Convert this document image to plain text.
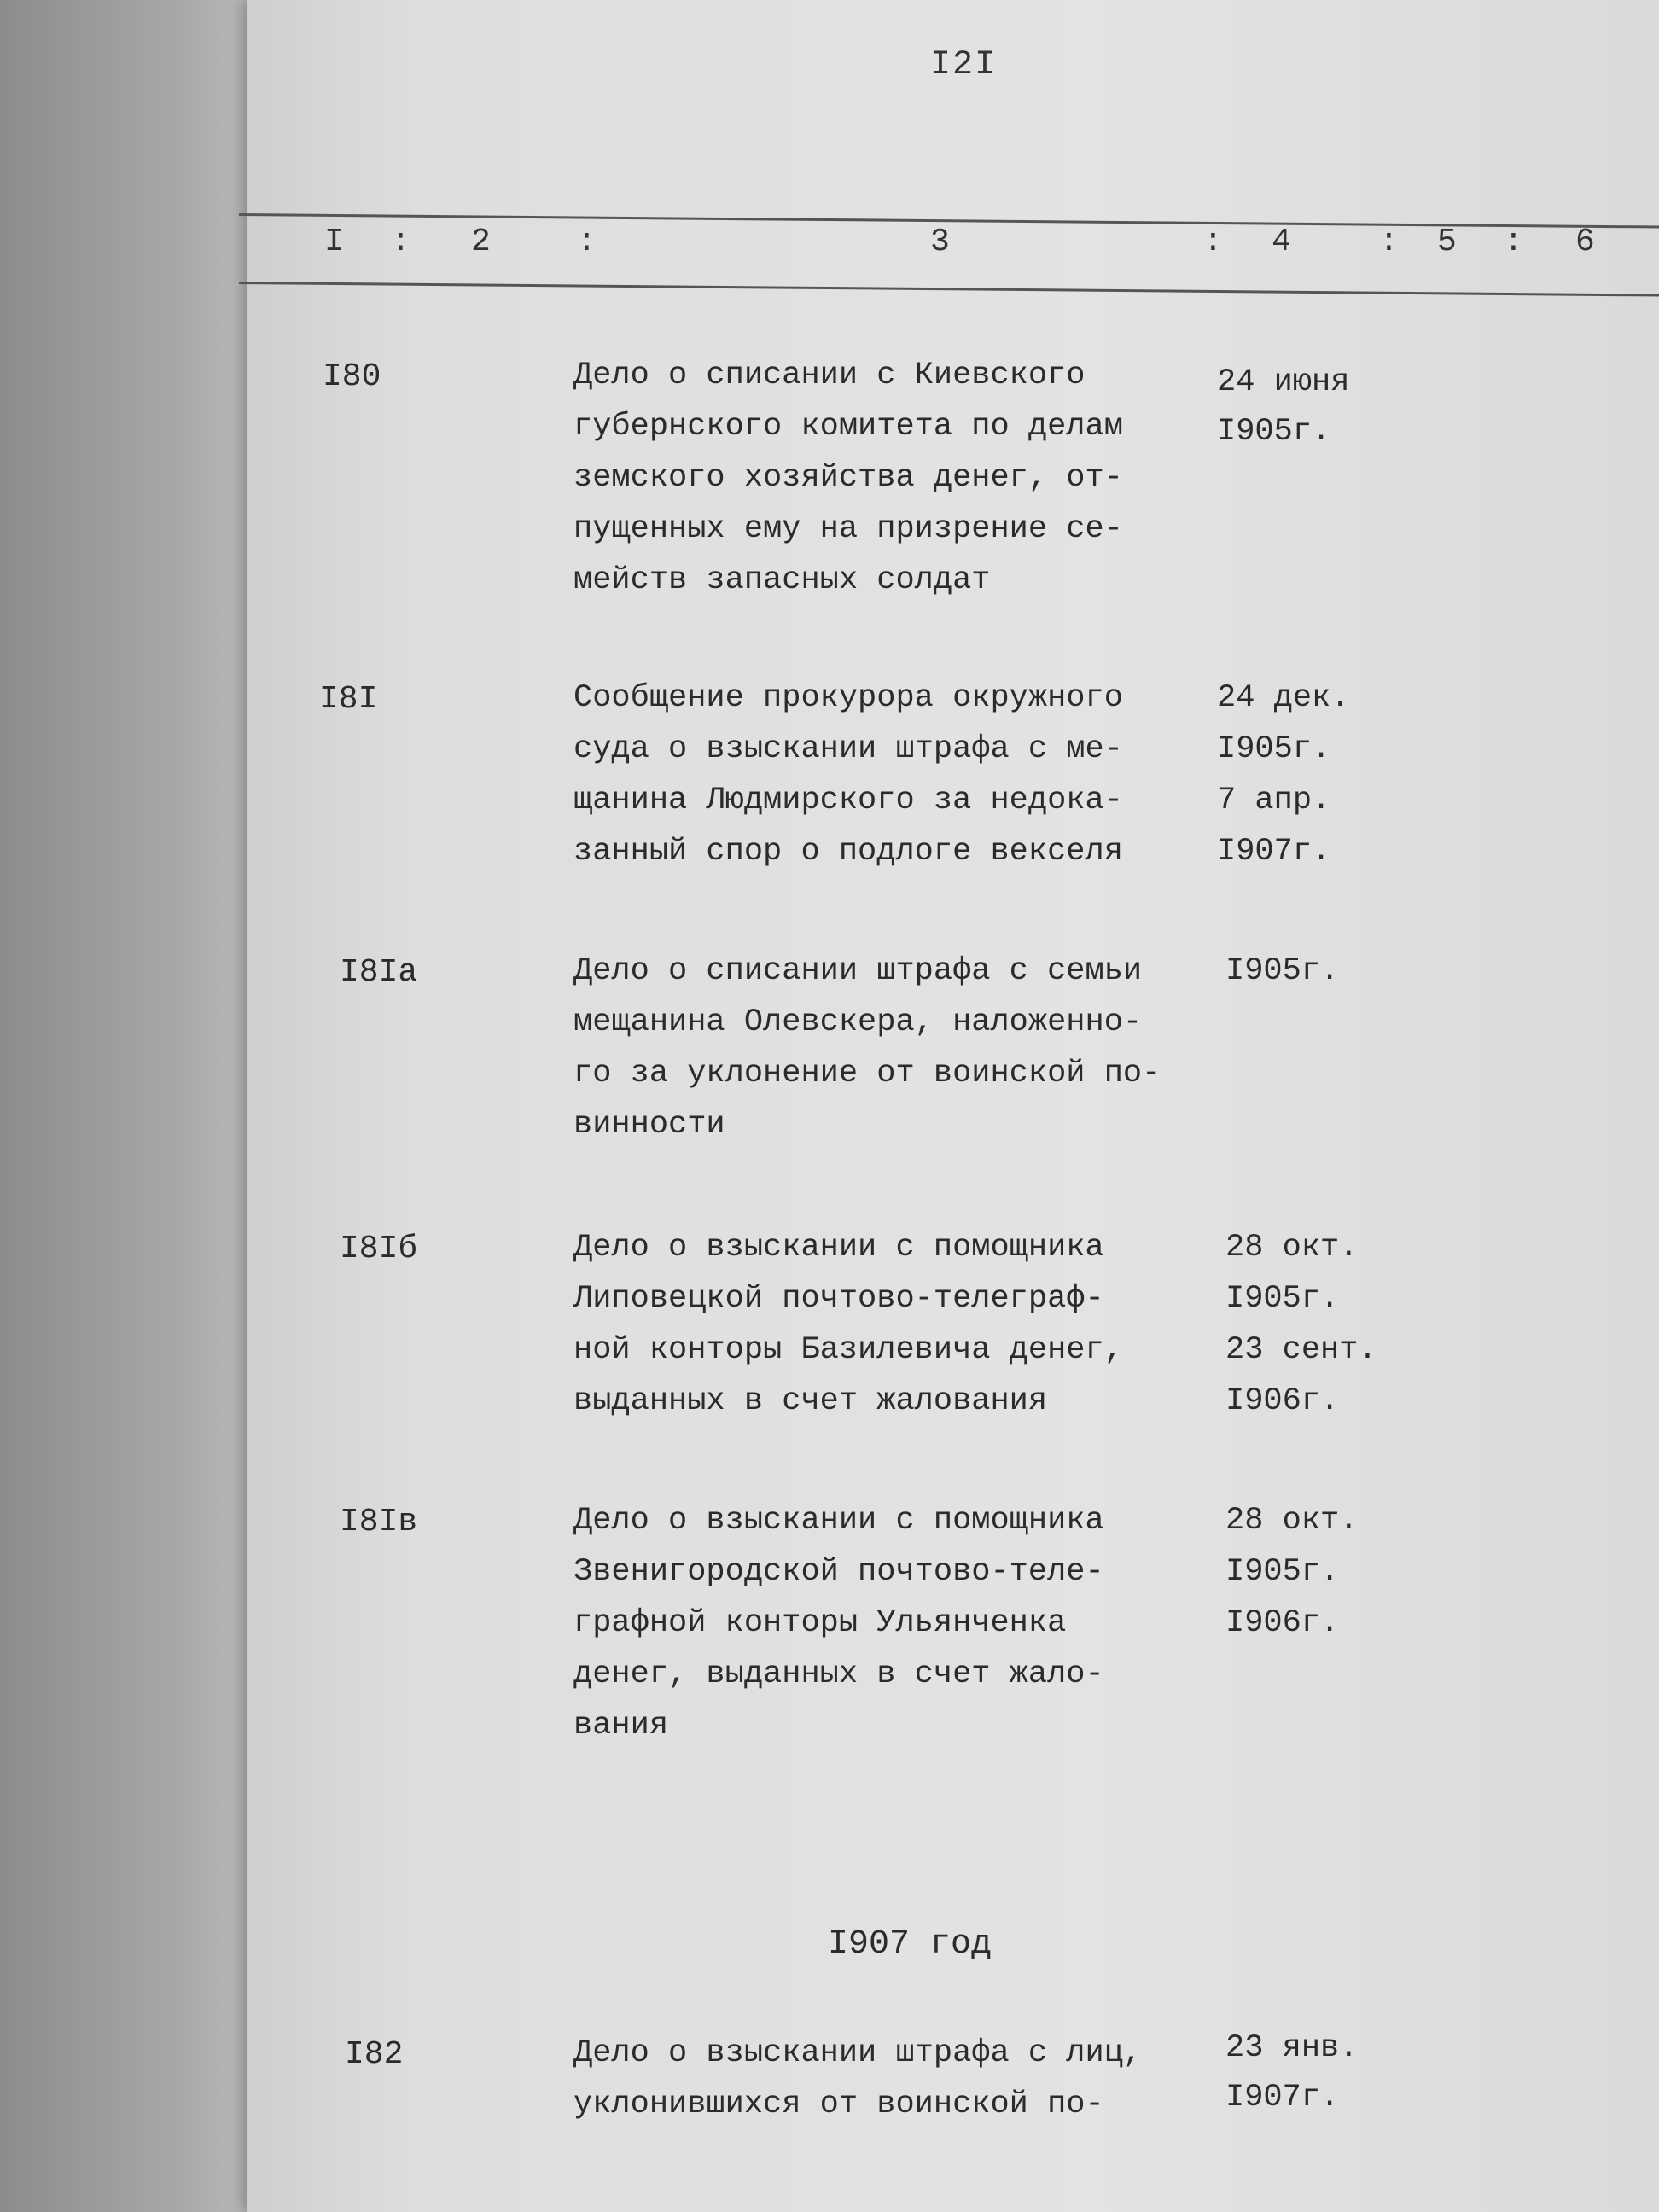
I2I
I : 2	:	3	: 4	: 5 : 6
I80	Дело о списании с Киевского
губернского комитета по делам
земского хозяйства денег, от-
пущенных ему на призрение се-
мейств запасных солдат
24 июня
I905г.
I8I	Сообщение прокурора окружного
суда о взыскании штрафа с ме-
щанина Людмирского за недока-
занный спор о подлоге векселя
24 дек.
I905г.
7 апр.
I907г.
I8Iа	Дело о списании штрафа с семьи
мещанина Олевскера, наложенно-
го за уклонение от воинской по-
винности
I905г.
I8Iб	Дело о взыскании с помощника
Липовецкой почтово-телеграф-
ной конторы Базилевича денег,
выданных в счет жалования
28 окт.
I905г.
23 сент.
I906г.
I8Iв	Дело о взыскании с помощника
Звенигородской почтово-теле-
графной конторы Ульянченка
денег, выданных в счет жало-
вания
28 окт.
I905г.
I906г.
I907 год
I82	Дело о взыскании штрафа с лиц,
уклонившихся от воинской по-
23 янв.
I907г.
